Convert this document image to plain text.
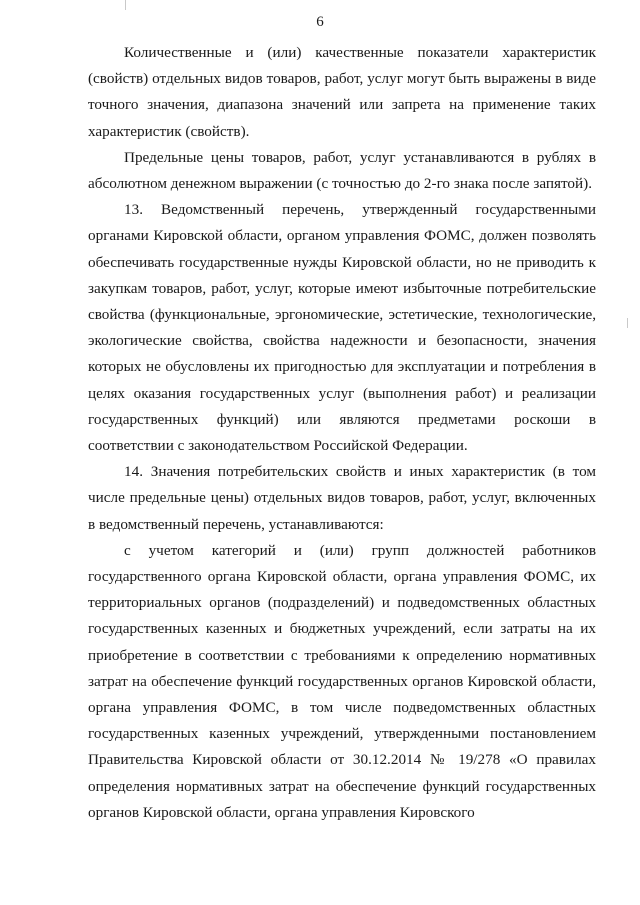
6

Количественные и (или) качественные показатели характеристик (свойств) отдельных видов товаров, работ, услуг могут быть выражены в виде точного значения, диапазона значений или запрета на применение таких характеристик (свойств).

Предельные цены товаров, работ, услуг устанавливаются в рублях в абсолютном денежном выражении (с точностью до 2-го знака после запятой).

13. Ведомственный перечень, утвержденный государственными органами Кировской области, органом управления ФОМС, должен позволять обеспечивать государственные нужды Кировской области, но не приводить к закупкам товаров, работ, услуг, которые имеют избыточные потребительские свойства (функциональные, эргономические, эстетические, технологические, экологические свойства, свойства надежности и безопасности, значения которых не обусловлены их пригодностью для эксплуатации и потребления в целях оказания государственных услуг (выполнения работ) и реализации государственных функций) или являются предметами роскоши в соответствии с законодательством Российской Федерации.

14. Значения потребительских свойств и иных характеристик (в том числе предельные цены) отдельных видов товаров, работ, услуг, включенных в ведомственный перечень, устанавливаются:

с учетом категорий и (или) групп должностей работников государственного органа Кировской области, органа управления ФОМС, их территориальных органов (подразделений) и подведомственных областных государственных казенных и бюджетных учреждений, если затраты на их приобретение в соответствии с требованиями к определению нормативных затрат на обеспечение функций государственных органов Кировской области, органа управления ФОМС, в том числе подведомственных областных государственных казенных учреждений, утвержденными постановлением Правительства Кировской области от 30.12.2014 № 19/278 «О правилах определения нормативных затрат на обеспечение функций государственных органов Кировской области, органа управления Кировского
